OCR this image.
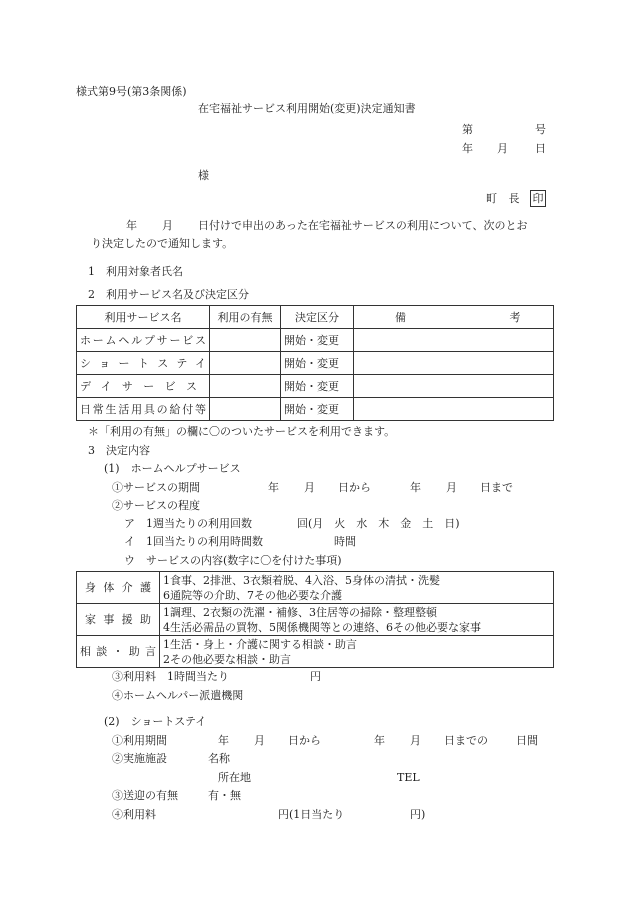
様式第9号(第3条関係)
在宅福祉サービス利用開始(変更)決定通知書
第	号
年 月 日
様
町 長 印
年 月 日付けで申出のあった在宅福祉サービスの利用について、次のとお
り決定したので通知します。
1　利用対象者氏名
2　利用サービス名及び決定区分
利用サービス名	利用の有無	決定区分	備 考
ホームヘルプサービス		開始・変更	
ショートステイ		開始・変更	
デイサービス		開始・変更	
日常生活用具の給付等		開始・変更	
＊「利用の有無」の欄に〇のついたサービスを利用できます。
3　決定内容
(1)　ホームヘルプサービス
①サービスの期間	年 月 日から	年 月 日まで
②サービスの程度
ア　1週当たりの利用回数	回(月　火　水　木　金　土　日)
イ　1回当たりの利用時間数	時間
ウ　サービスの内容(数字に〇を付けた事項)
身体介護	1食事、2排泄、3衣類着脱、4入浴、5身体の清拭・洗髪
6通院等の介助、7その他必要な介護

家事援助	1調理、2衣類の洗濯・補修、3住居等の掃除・整理整頓
4生活必需品の買物、5関係機関等との連絡、6その他必要な家事

相談・助言	1生活・身上・介護に関する相談・助言
2その他必要な相談・助言
③利用料　1時間当たり	円
④ホームヘルパー派遣機関
(2)　ショートステイ
①利用期間	年 月 日から	年 月 日までの	日間
②実施施設	名称
所在地	TEL
③送迎の有無	有・無
④利用料	円(1日当たり	円)
